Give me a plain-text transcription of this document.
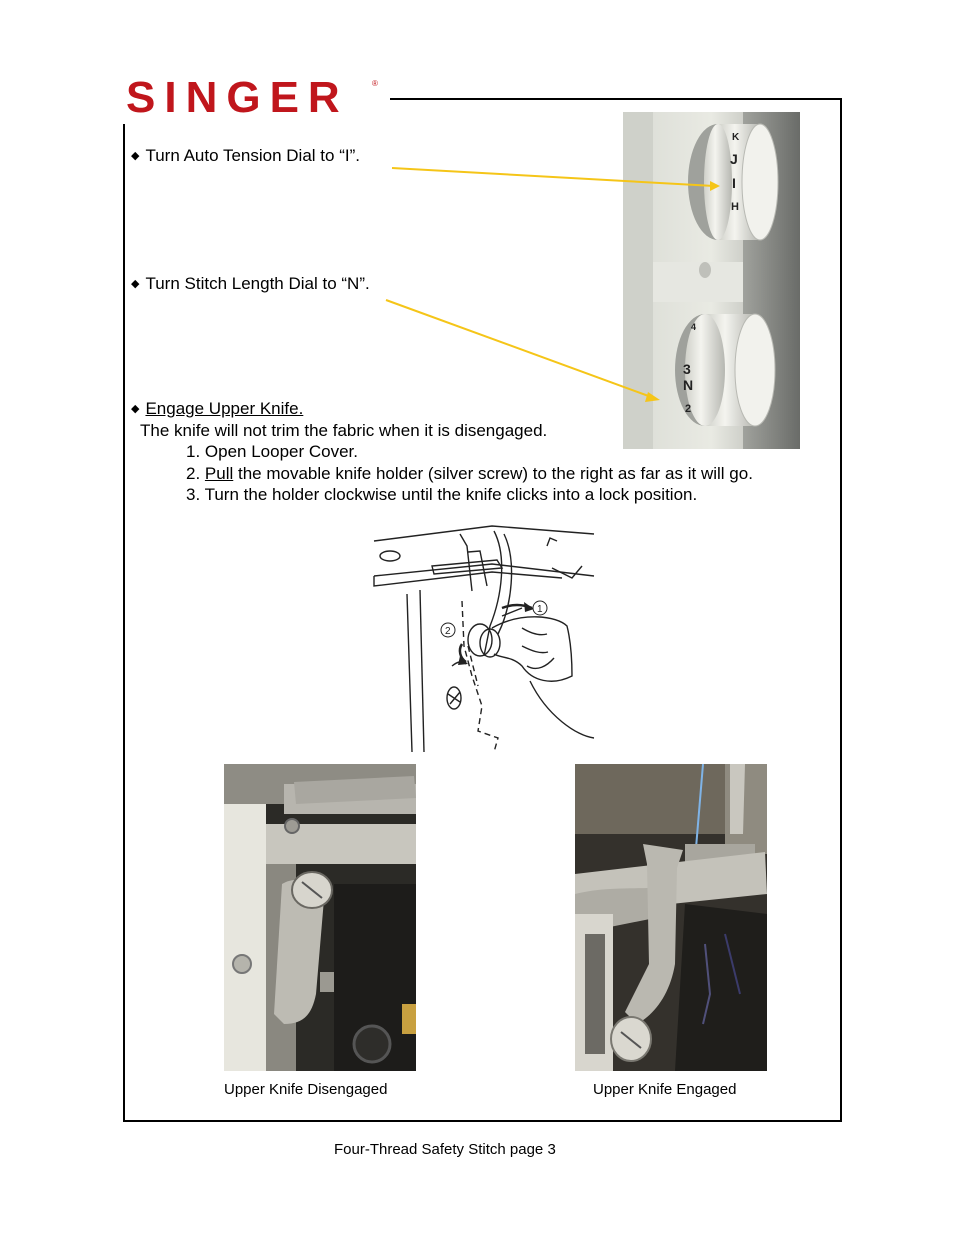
SINGER	®
◆ Turn Auto Tension Dial to “I”.
◆ Turn Stitch Length Dial to “N”.
◆ Engage Upper Knife.
The knife will not trim the fabric when it is disengaged.
1. Open Looper Cover.
2. Pull the movable knife holder (silver screw) to the right as far as it will go.
3. Turn the holder clockwise until the knife clicks into a lock position.
K
J
I
H
4
3
N
2
1
2
Upper Knife Disengaged	Upper Knife Engaged
Four-Thread Safety Stitch page 3
